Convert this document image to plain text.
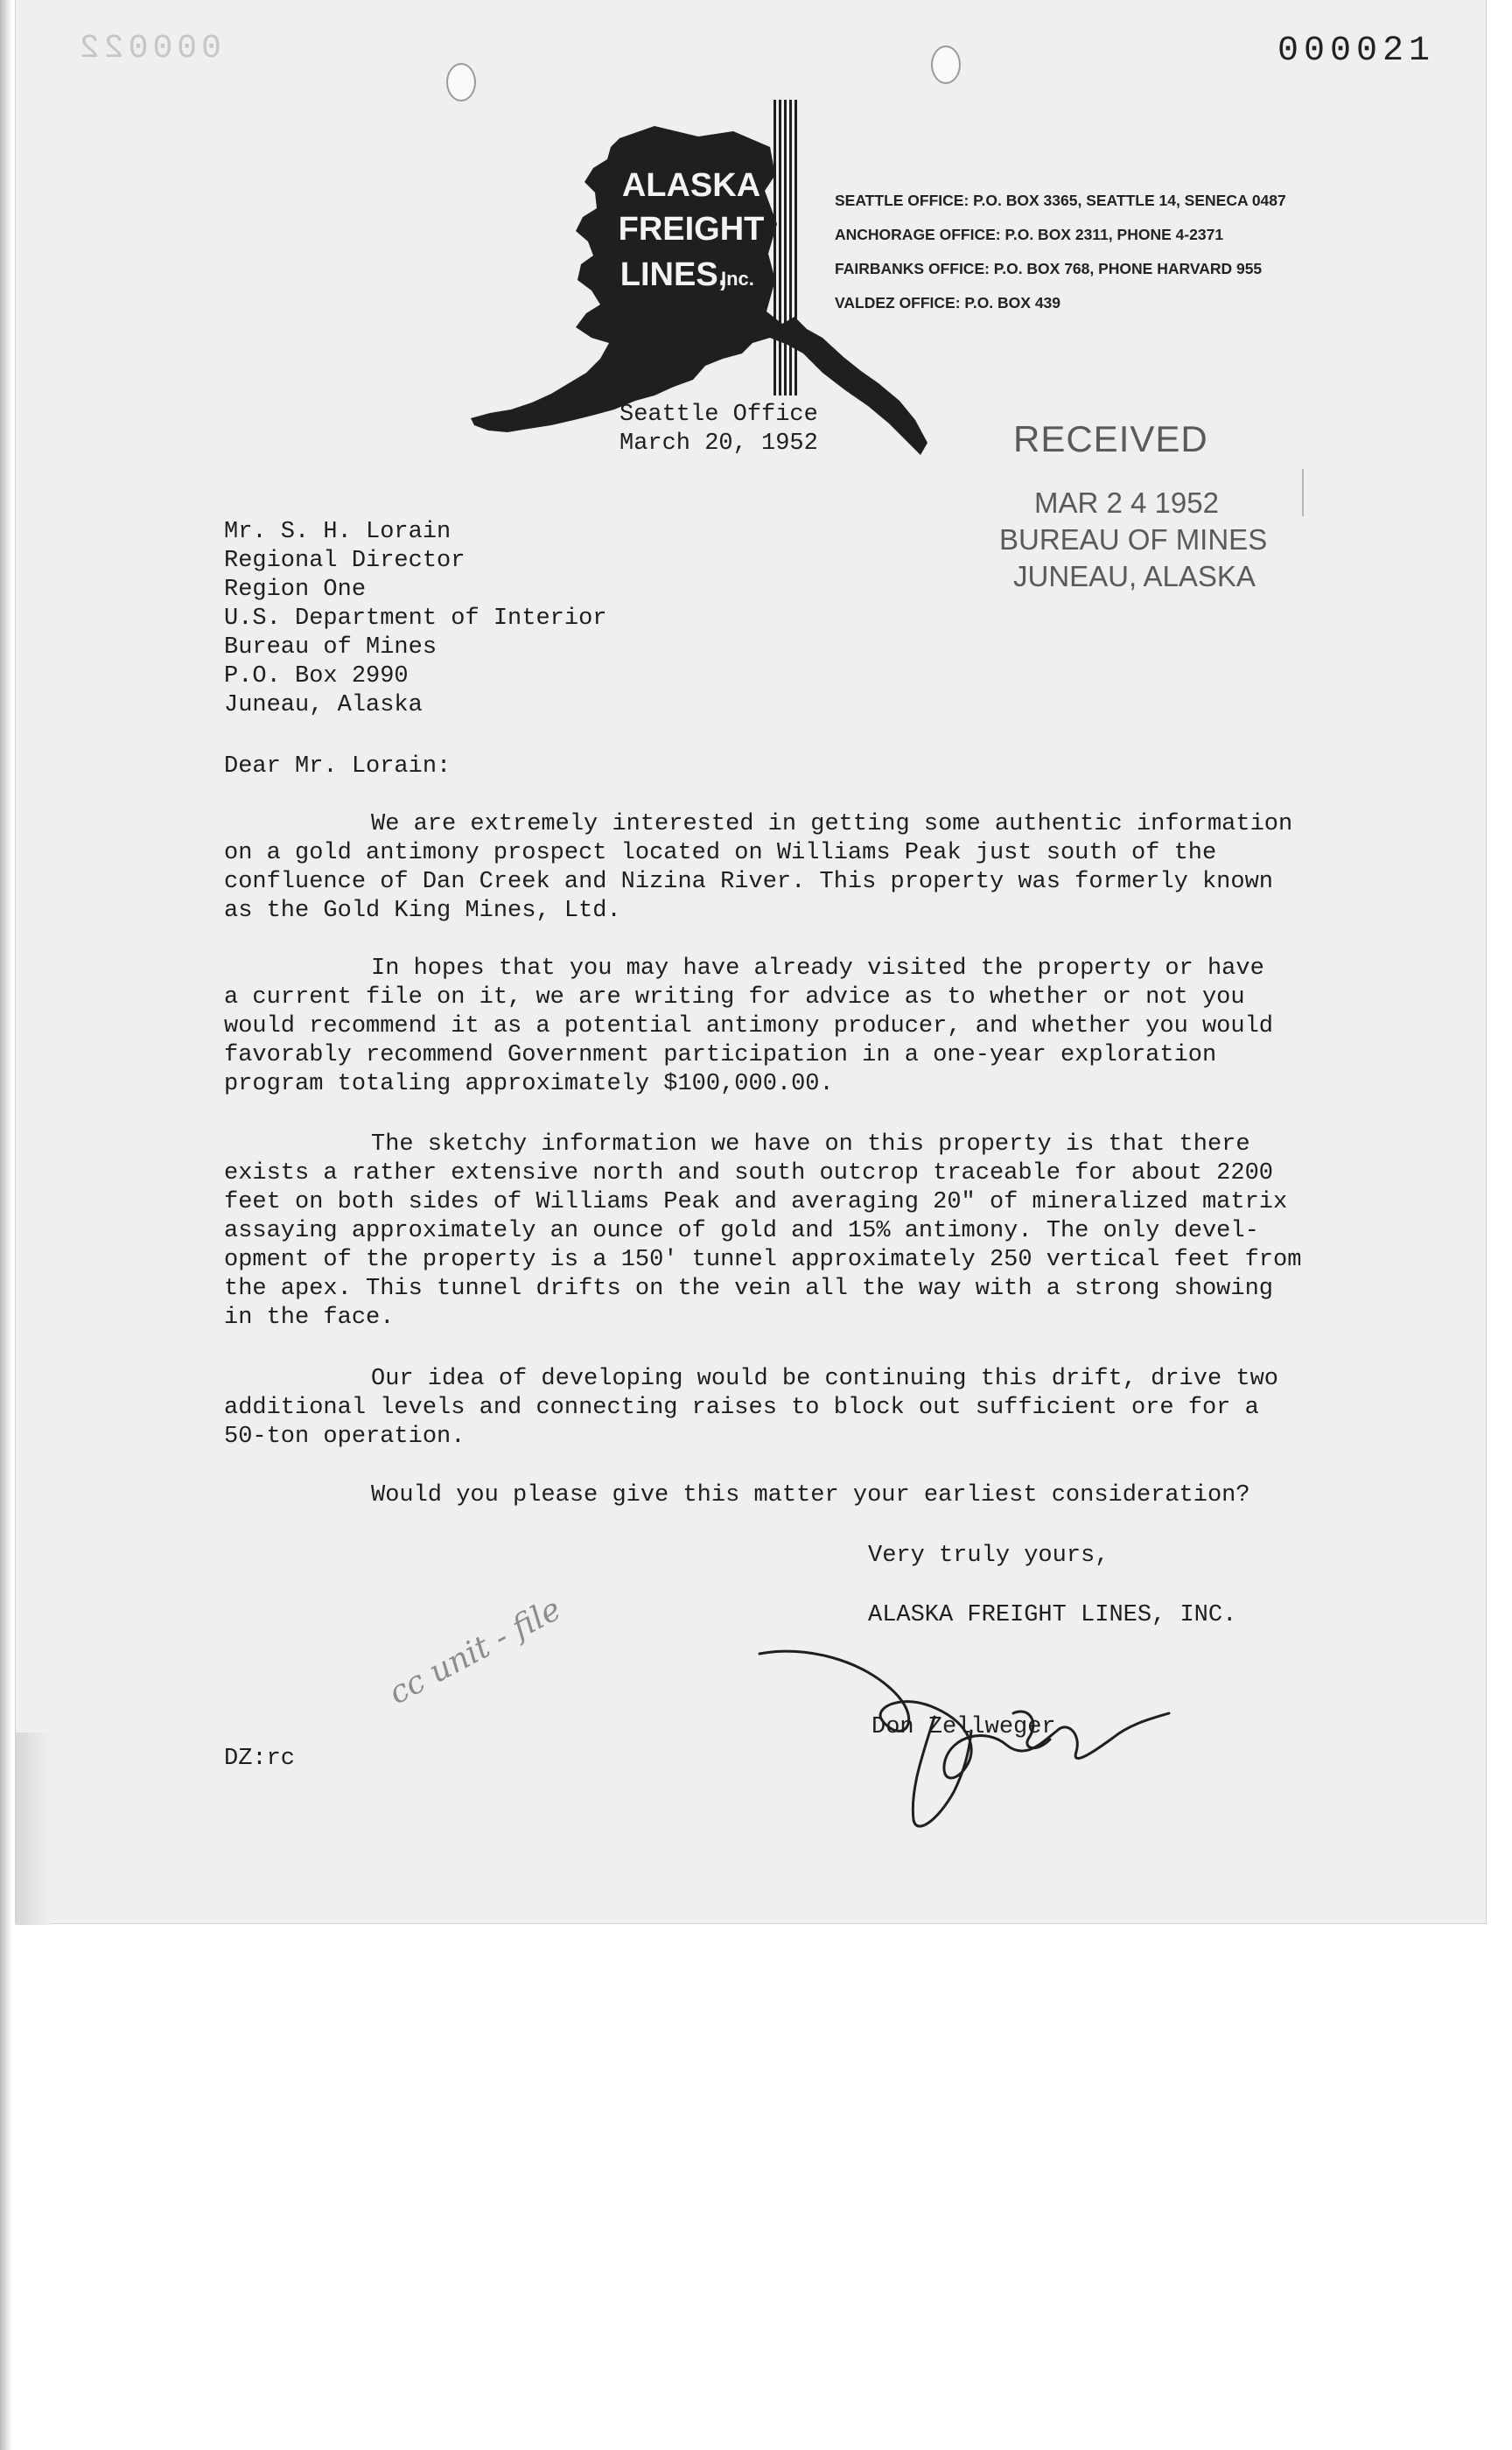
000022	000021
ALASKA
FREIGHT
LINES,
Inc.
SEATTLE OFFICE: P.O. BOX 3365, SEATTLE 14, SENECA 0487
ANCHORAGE OFFICE: P.O. BOX 2311, PHONE 4-2371
FAIRBANKS OFFICE: P.O. BOX 768, PHONE HARVARD 955
VALDEZ OFFICE: P.O. BOX 439
Seattle Office
March 20, 1952	RECEIVED
MAR 2 4 1952
BUREAU OF MINES
JUNEAU, ALASKA
Mr. S. H. Lorain
Regional Director
Region One
U.S. Department of Interior
Bureau of Mines
P.O. Box 2990
Juneau, Alaska
Dear Mr. Lorain:
We are extremely interested in getting some authentic information
on a gold antimony prospect located on Williams Peak just south of the
confluence of Dan Creek and Nizina River. This property was formerly known
as the Gold King Mines, Ltd.
In hopes that you may have already visited the property or have
a current file on it, we are writing for advice as to whether or not you
would recommend it as a potential antimony producer, and whether you would
favorably recommend Government participation in a one-year exploration
program totaling approximately $100,000.00.
The sketchy information we have on this property is that there
exists a rather extensive north and south outcrop traceable for about 2200
feet on both sides of Williams Peak and averaging 20" of mineralized matrix
assaying approximately an ounce of gold and 15% antimony. The only devel-
opment of the property is a 150' tunnel approximately 250 vertical feet from
the apex. This tunnel drifts on the vein all the way with a strong showing
in the face.
Our idea of developing would be continuing this drift, drive two
additional levels and connecting raises to block out sufficient ore for a
50-ton operation.
Would you please give this matter your earliest consideration?
Very truly yours,
ALASKA FREIGHT LINES, INC.
Don Zellweger
DZ:rc
cc unit - file
